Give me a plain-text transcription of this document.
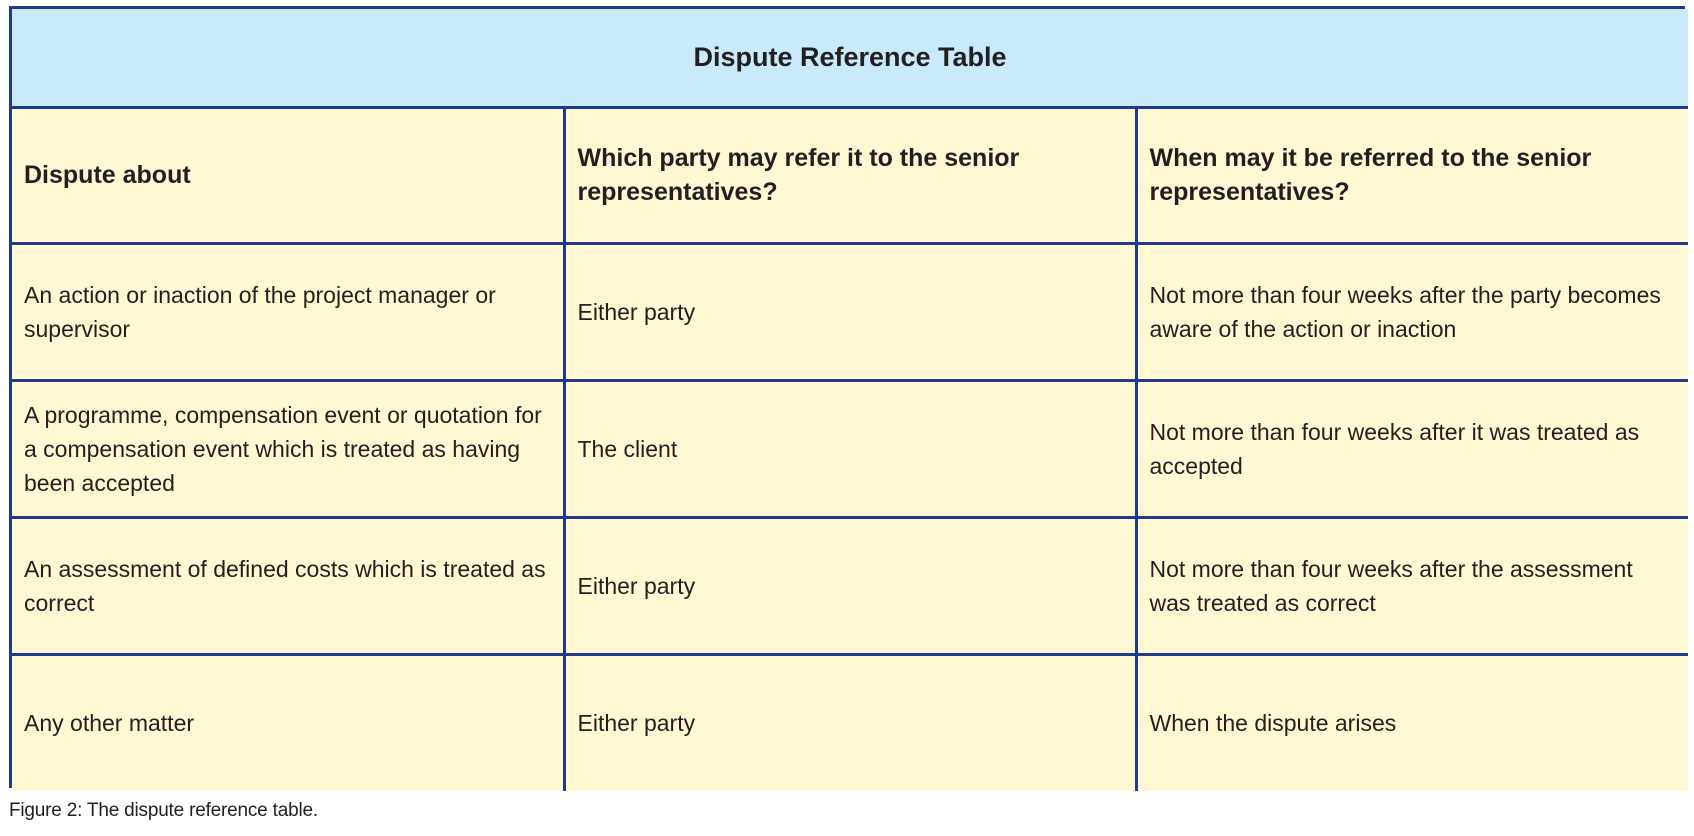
Dispute Reference Table		
Dispute about	Which party may refer it to the senior representatives?	When may it be referred to the senior representatives?
An action or inaction of the project manager or supervisor	Either party	Not more than four weeks after the party becomes aware of the action or inaction
A programme, compensation event or quotation for a compensation event which is treated as having been accepted	The client	Not more than four weeks after it was treated as accepted
An assessment of defined costs which is treated as correct	Either party	Not more than four weeks after the assessment was treated as correct
Any other matter	Either party	When the dispute arises
Figure 2: The dispute reference table.
